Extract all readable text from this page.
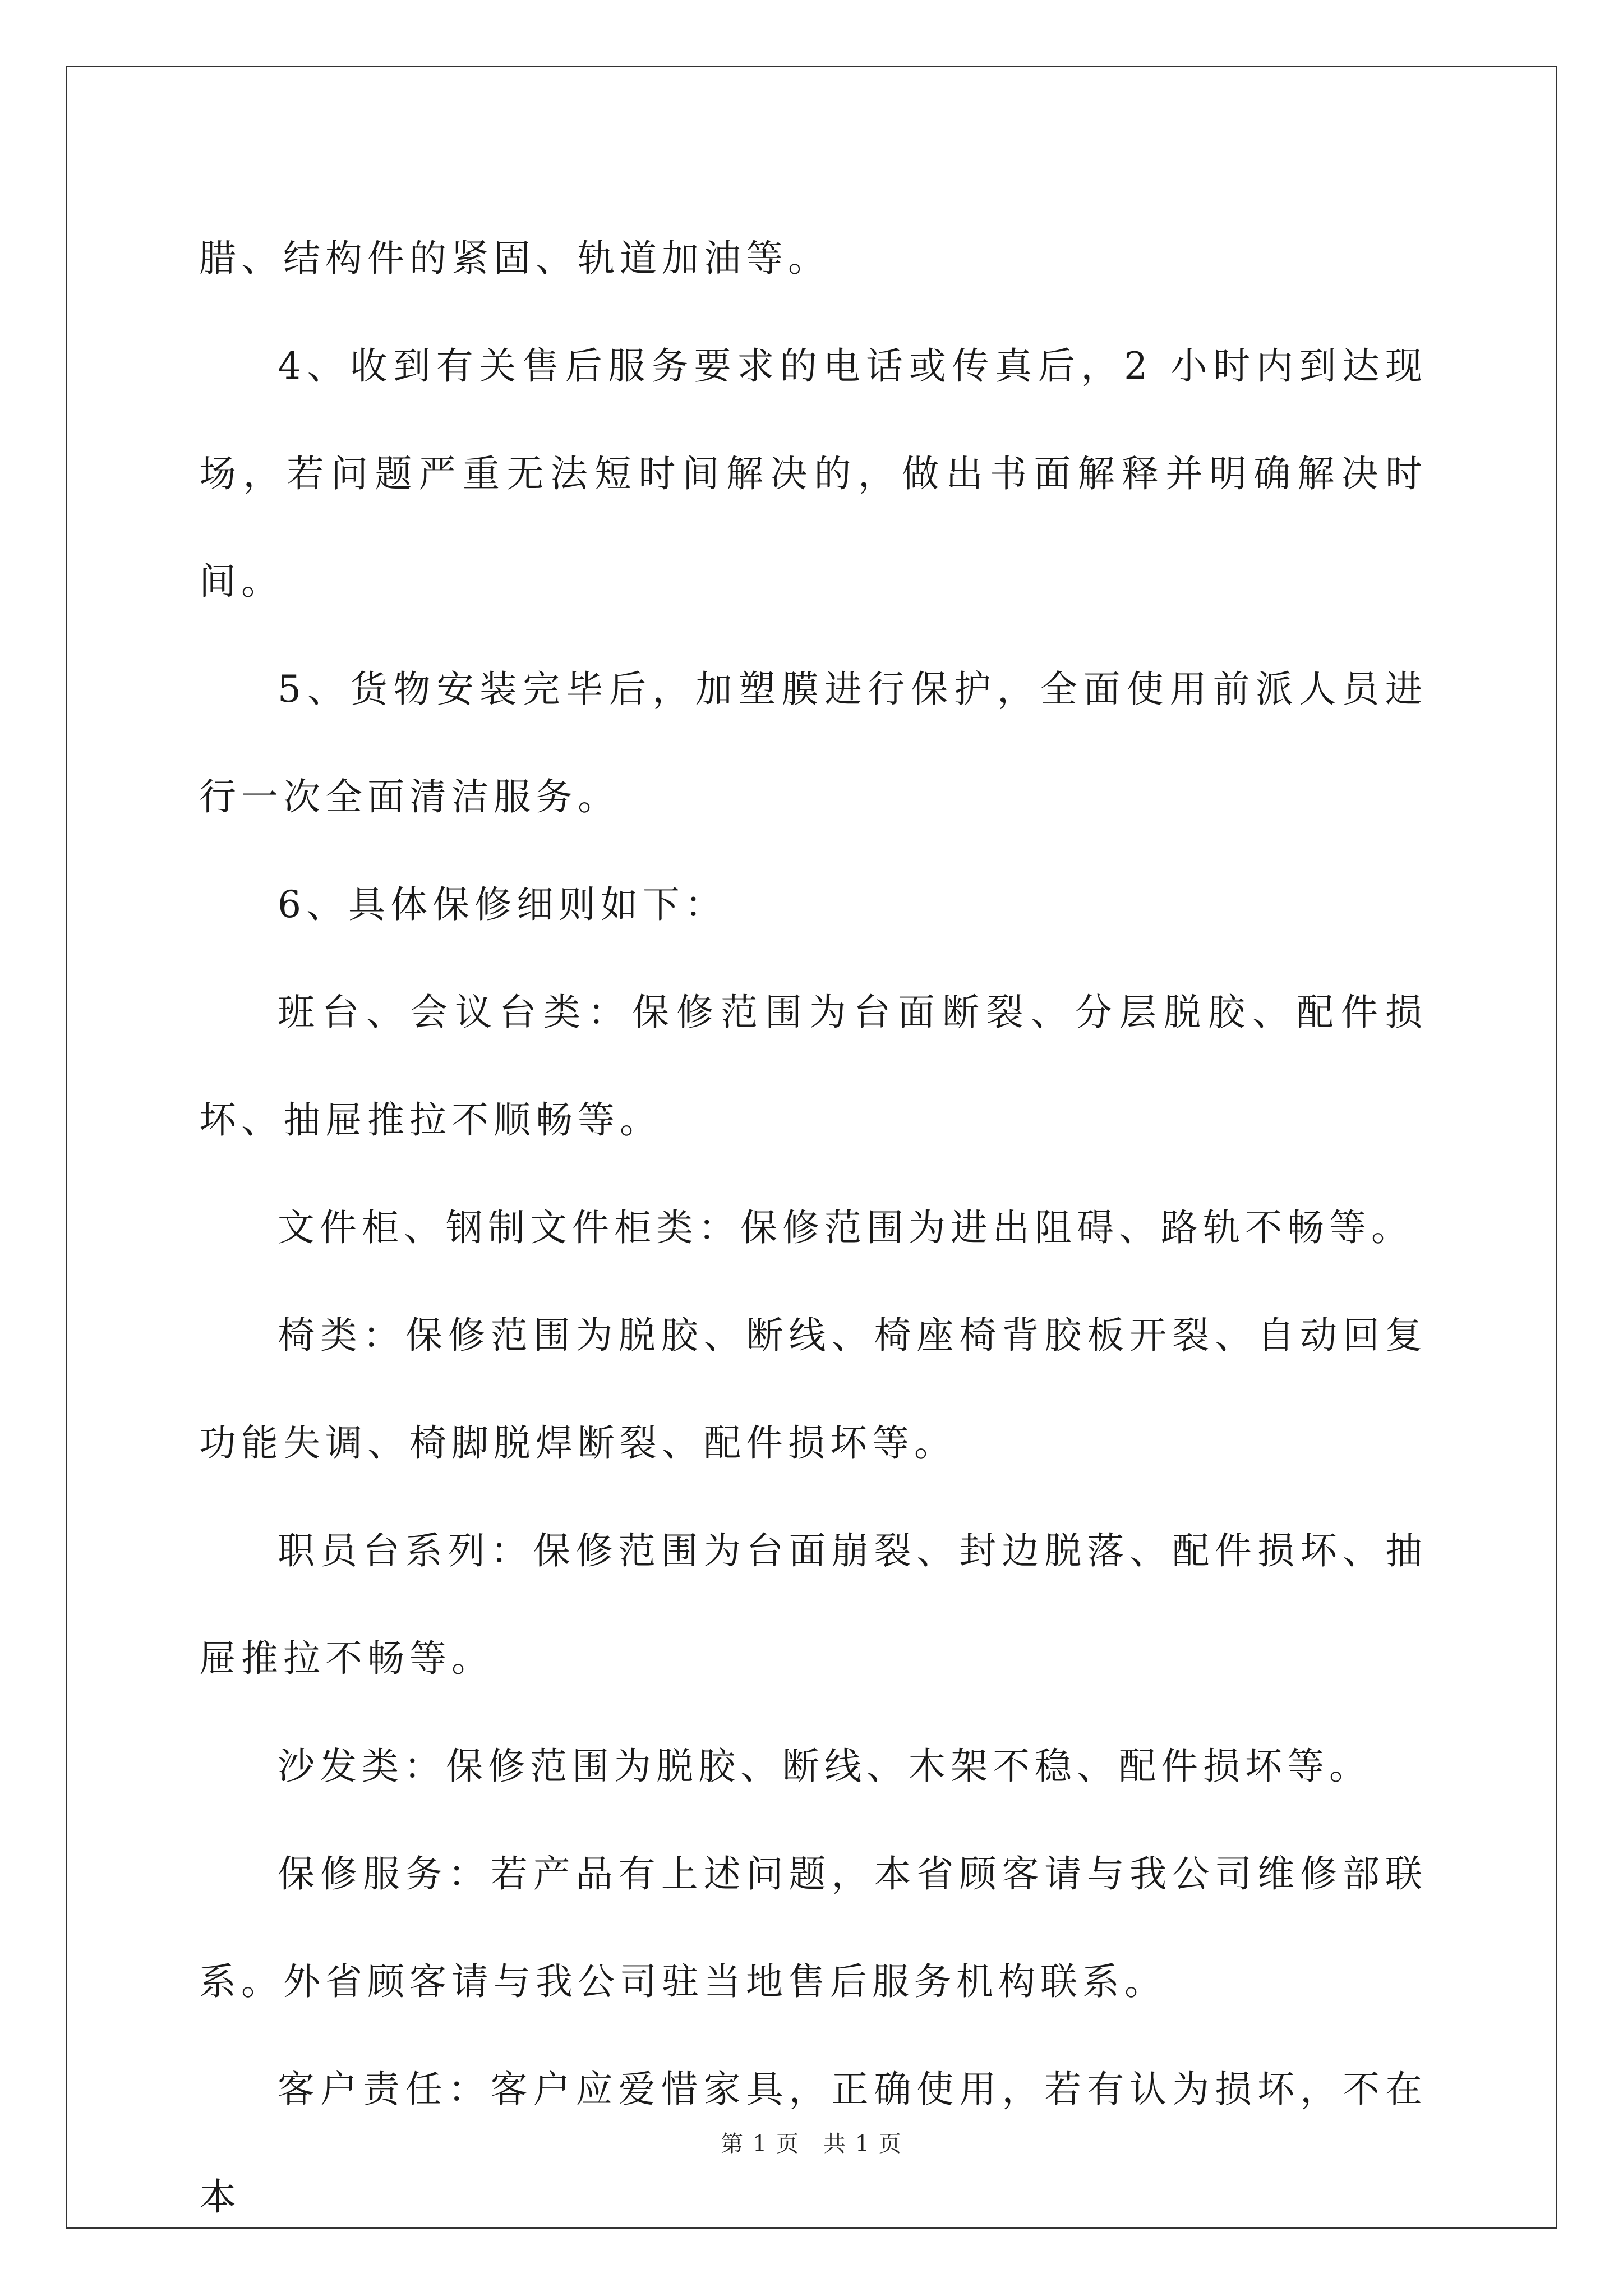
腊、结构件的紧固、轨道加油等。

4、收到有关售后服务要求的电话或传真后，2 小时内到达现场，若问题严重无法短时间解决的，做出书面解释并明确解决时间。

5、货物安装完毕后，加塑膜进行保护，全面使用前派人员进行一次全面清洁服务。

6、具体保修细则如下：

班台、会议台类：保修范围为台面断裂、分层脱胶、配件损坏、抽屉推拉不顺畅等。

文件柜、钢制文件柜类：保修范围为进出阻碍、路轨不畅等。

椅类：保修范围为脱胶、断线、椅座椅背胶板开裂、自动回复功能失调、椅脚脱焊断裂、配件损坏等。

职员台系列：保修范围为台面崩裂、封边脱落、配件损坏、抽屉推拉不畅等。

沙发类：保修范围为脱胶、断线、木架不稳、配件损坏等。

保修服务：若产品有上述问题，本省顾客请与我公司维修部联系。外省顾客请与我公司驻当地售后服务机构联系。

客户责任：客户应爱惜家具，正确使用，若有认为损坏，不在本

第 1 页 共 1 页
